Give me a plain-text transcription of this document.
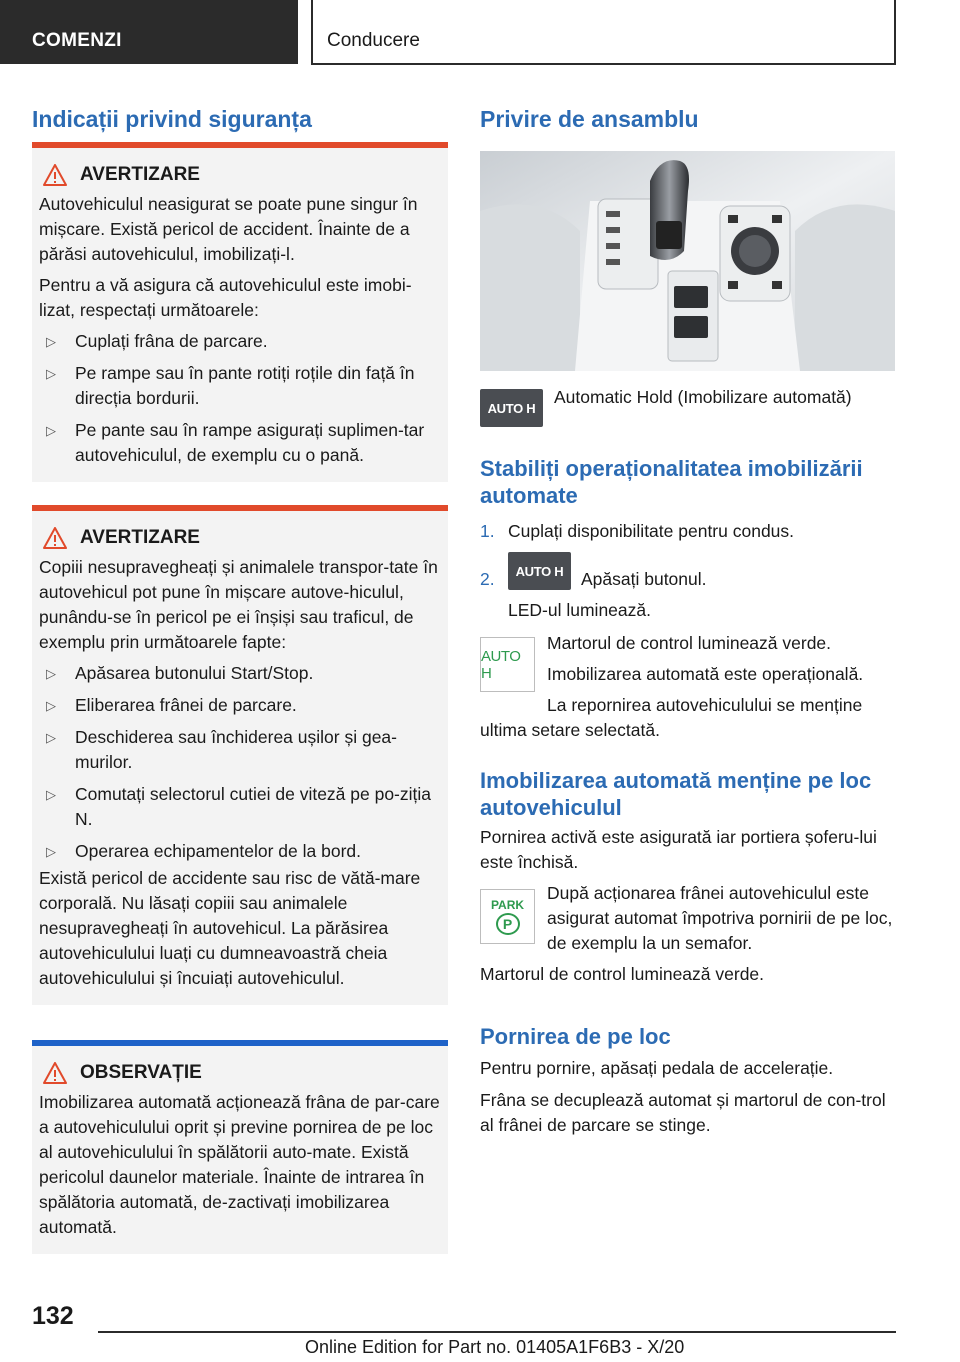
COMENZI	Conducere
Indicații privind siguranța
AVERTIZARE

Autovehiculul neasigurat se poate pune singur în mișcare. Există pericol de accident. Înainte de a părăsi autovehiculul, imobilizați-l.

Pentru a vă asigura că autovehiculul este imobi-lizat, respectați următoarele:

▷	Cuplați frâna de parcare.
▷	Pe rampe sau în pante rotiți roțile din față în direcția bordurii.
▷	Pe pante sau în rampe asigurați suplimen-tar autovehiculul, de exemplu cu o pană.
AVERTIZARE

Copiii nesupravegheați și animalele transpor-tate în autovehicul pot pune în mișcare autove-hiculul, punându-se în pericol pe ei înșiși sau traficul, de exemplu prin următoarele fapte:

▷	Apăsarea butonului Start/Stop.
▷	Eliberarea frânei de parcare.
▷	Deschiderea sau închiderea ușilor și gea-murilor.
▷	Comutați selectorul cutiei de viteză pe po-ziția N.
▷	Operarea echipamentelor de la bord.

Există pericol de accidente sau risc de vătă-mare corporală. Nu lăsați copiii sau animalele nesupravegheați în autovehicul. La părăsirea autovehiculului luați cu dumneavoastră cheia autovehiculului și încuiați autovehiculul.

OBSERVAȚIE

Imobilizarea automată acționează frâna de par-care a autovehiculului oprit și previne pornirea de pe loc al autovehiculului în spălătorii auto-mate. Există pericolul daunelor materiale. Înainte de intrarea în spălătoria automată, de-zactivați imobilizarea automată.

Privire de ansamblu
AUTO H
Automatic Hold (Imobilizare automată)
Stabiliți operaționalitatea imobilizării automate
1. Cuplați disponibilitate pentru condus.
2.	AUTO H	Apăsați butonul.

LED-ul luminează.

AUTO H

Martorul de control luminează verde.

Imobilizarea automată este operațională.

La repornirea autovehiculului se menține

ultima setare selectată.

Imobilizarea automată menține pe loc autovehiculul

Pornirea activă este asigurată iar portiera șoferu-lui este închisă.

PARK
P

După acționarea frânei autovehiculul este asigurat automat împotriva pornirii de pe loc, de exemplu la un semafor.

Martorul de control luminează verde.

Pornirea de pe loc

Pentru pornire, apăsați pedala de accelerație.

Frâna se decuplează automat și martorul de con-trol al frânei de parcare se stinge.

132
Online Edition for Part no. 01405A1F6B3 - X/20
